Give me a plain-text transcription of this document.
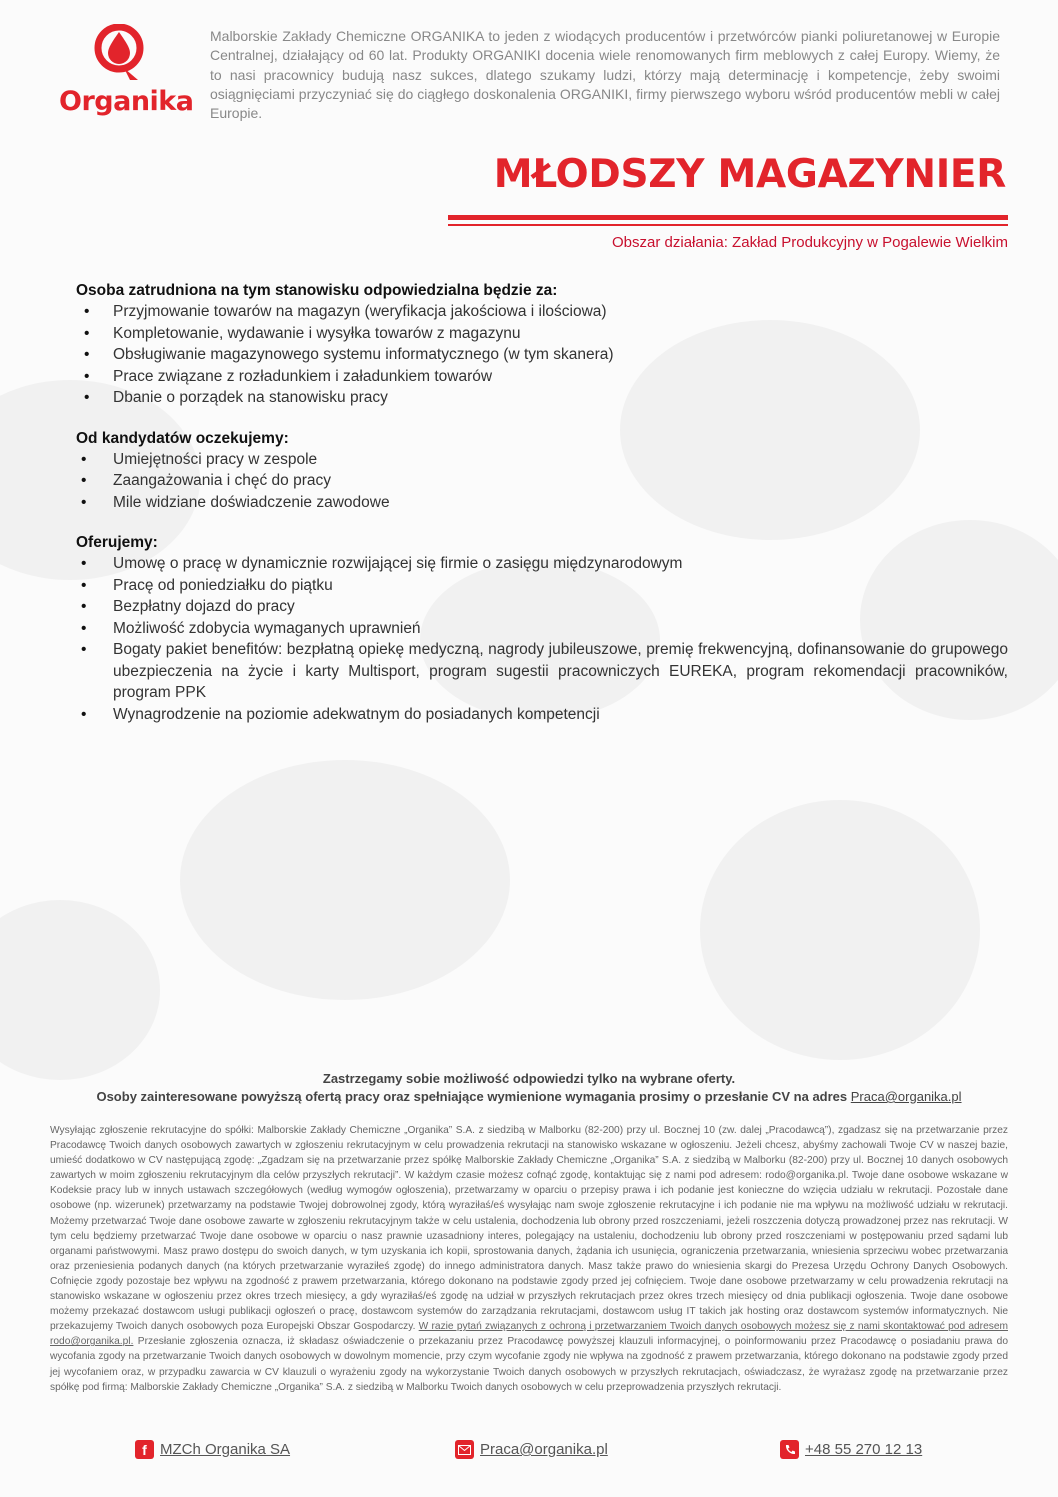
Organika
Malborskie Zakłady Chemiczne ORGANIKA to jeden z wiodących producentów i przetwórców pianki poliuretanowej w Europie Centralnej, działający od 60 lat. Produkty ORGANIKI docenia wiele renomowanych firm meblowych z całej Europy. Wiemy, że to nasi pracownicy budują nasz sukces, dlatego szukamy ludzi, którzy mają determinację i kompetencje, żeby swoimi osiągnięciami przyczyniać się do ciągłego doskonalenia ORGANIKI, firmy pierwszego wyboru wśród producentów mebli w całej Europie.
MŁODSZY MAGAZYNIER
Obszar działania: Zakład Produkcyjny w Pogalewie Wielkim

Osoba zatrudniona na tym stanowisku odpowiedzialna będzie za:

• Przyjmowanie towarów na magazyn (weryfikacja jakościowa i ilościowa)
• Kompletowanie, wydawanie i wysyłka towarów z magazynu
• Obsługiwanie magazynowego systemu informatycznego (w tym skanera)
• Prace związane z rozładunkiem i załadunkiem towarów
• Dbanie o porządek na stanowisku pracy

Od kandydatów oczekujemy:

• Umiejętności pracy w zespole
• Zaangażowania i chęć do pracy
• Mile widziane doświadczenie zawodowe

Oferujemy:

• Umowę o pracę w dynamicznie rozwijającej się firmie o zasięgu międzynarodowym
• Pracę od poniedziałku do piątku
• Bezpłatny dojazd do pracy
• Możliwość zdobycia wymaganych uprawnień
• Bogaty pakiet benefitów: bezpłatną opiekę medyczną, nagrody jubileuszowe, premię frekwencyjną, dofinansowanie do grupowego ubezpieczenia na życie i karty Multisport, program sugestii pracowniczych EUREKA, program rekomendacji pracowników, program PPK
• Wynagrodzenie na poziomie adekwatnym do posiadanych kompetencji
Zastrzegamy sobie możliwość odpowiedzi tylko na wybrane oferty.
Osoby zainteresowane powyższą ofertą pracy oraz spełniające wymienione wymagania prosimy o przesłanie CV na adres Praca@organika.pl
Wysyłając zgłoszenie rekrutacyjne do spółki: Malborskie Zakłady Chemiczne „Organika” S.A. z siedzibą w Malborku (82-200) przy ul. Bocznej 10 (zw. dalej „Pracodawcą”), zgadzasz się na przetwarzanie przez Pracodawcę Twoich danych osobowych zawartych w zgłoszeniu rekrutacyjnym w celu prowadzenia rekrutacji na stanowisko wskazane w ogłoszeniu. Jeżeli chcesz, abyśmy zachowali Twoje CV w naszej bazie, umieść dodatkowo w CV następującą zgodę: „Zgadzam się na przetwarzanie przez spółkę Malborskie Zakłady Chemiczne „Organika” S.A. z siedzibą w Malborku (82-200) przy ul. Bocznej 10 danych osobowych zawartych w moim zgłoszeniu rekrutacyjnym dla celów przyszłych rekrutacji”. W każdym czasie możesz cofnąć zgodę, kontaktując się z nami pod adresem: rodo@organika.pl. Twoje dane osobowe wskazane w Kodeksie pracy lub w innych ustawach szczegółowych (według wymogów ogłoszenia), przetwarzamy w oparciu o przepisy prawa i ich podanie jest konieczne do wzięcia udziału w rekrutacji. Pozostałe dane osobowe (np. wizerunek) przetwarzamy na podstawie Twojej dobrowolnej zgody, którą wyraziłaś/eś wysyłając nam swoje zgłoszenie rekrutacyjne i ich podanie nie ma wpływu na możliwość udziału w rekrutacji. Możemy przetwarzać Twoje dane osobowe zawarte w zgłoszeniu rekrutacyjnym także w celu ustalenia, dochodzenia lub obrony przed roszczeniami, jeżeli roszczenia dotyczą prowadzonej przez nas rekrutacji. W tym celu będziemy przetwarzać Twoje dane osobowe w oparciu o nasz prawnie uzasadniony interes, polegający na ustaleniu, dochodzeniu lub obrony przed roszczeniami w postępowaniu przed sądami lub organami państwowymi. Masz prawo dostępu do swoich danych, w tym uzyskania ich kopii, sprostowania danych, żądania ich usunięcia, ograniczenia przetwarzania, wniesienia sprzeciwu wobec przetwarzania oraz przeniesienia podanych danych (na których przetwarzanie wyraziłeś zgodę) do innego administratora danych. Masz także prawo do wniesienia skargi do Prezesa Urzędu Ochrony Danych Osobowych. Cofnięcie zgody pozostaje bez wpływu na zgodność z prawem przetwarzania, którego dokonano na podstawie zgody przed jej cofnięciem. Twoje dane osobowe przetwarzamy w celu prowadzenia rekrutacji na stanowisko wskazane w ogłoszeniu przez okres trzech miesięcy, a gdy wyraziłaś/eś zgodę na udział w przyszłych rekrutacjach przez okres trzech miesięcy od dnia publikacji ogłoszenia. Twoje dane osobowe możemy przekazać dostawcom usługi publikacji ogłoszeń o pracę, dostawcom systemów do zarządzania rekrutacjami, dostawcom usług IT takich jak hosting oraz dostawcom systemów informatycznych. Nie przekazujemy Twoich danych osobowych poza Europejski Obszar Gospodarczy. W razie pytań związanych z ochroną i przetwarzaniem Twoich danych osobowych możesz się z nami skontaktować pod adresem rodo@organika.pl. Przesłanie zgłoszenia oznacza, iż składasz oświadczenie o przekazaniu przez Pracodawcę powyższej klauzuli informacyjnej, o poinformowaniu przez Pracodawcę o posiadaniu prawa do wycofania zgody na przetwarzanie Twoich danych osobowych w dowolnym momencie, przy czym wycofanie zgody nie wpływa na zgodność z prawem przetwarzania, którego dokonano na podstawie zgody przed jej wycofaniem oraz, w przypadku zawarcia w CV klauzuli o wyrażeniu zgody na wykorzystanie Twoich danych osobowych w przyszłych rekrutacjach, oświadczasz, że wyrażasz zgodę na przetwarzanie przez spółkę pod firmą: Malborskie Zakłady Chemiczne „Organika” S.A. z siedzibą w Malborku Twoich danych osobowych w celu przeprowadzenia przyszłych rekrutacji.
f MZCh Organika SA	Praca@organika.pl	+48 55 270 12 13
